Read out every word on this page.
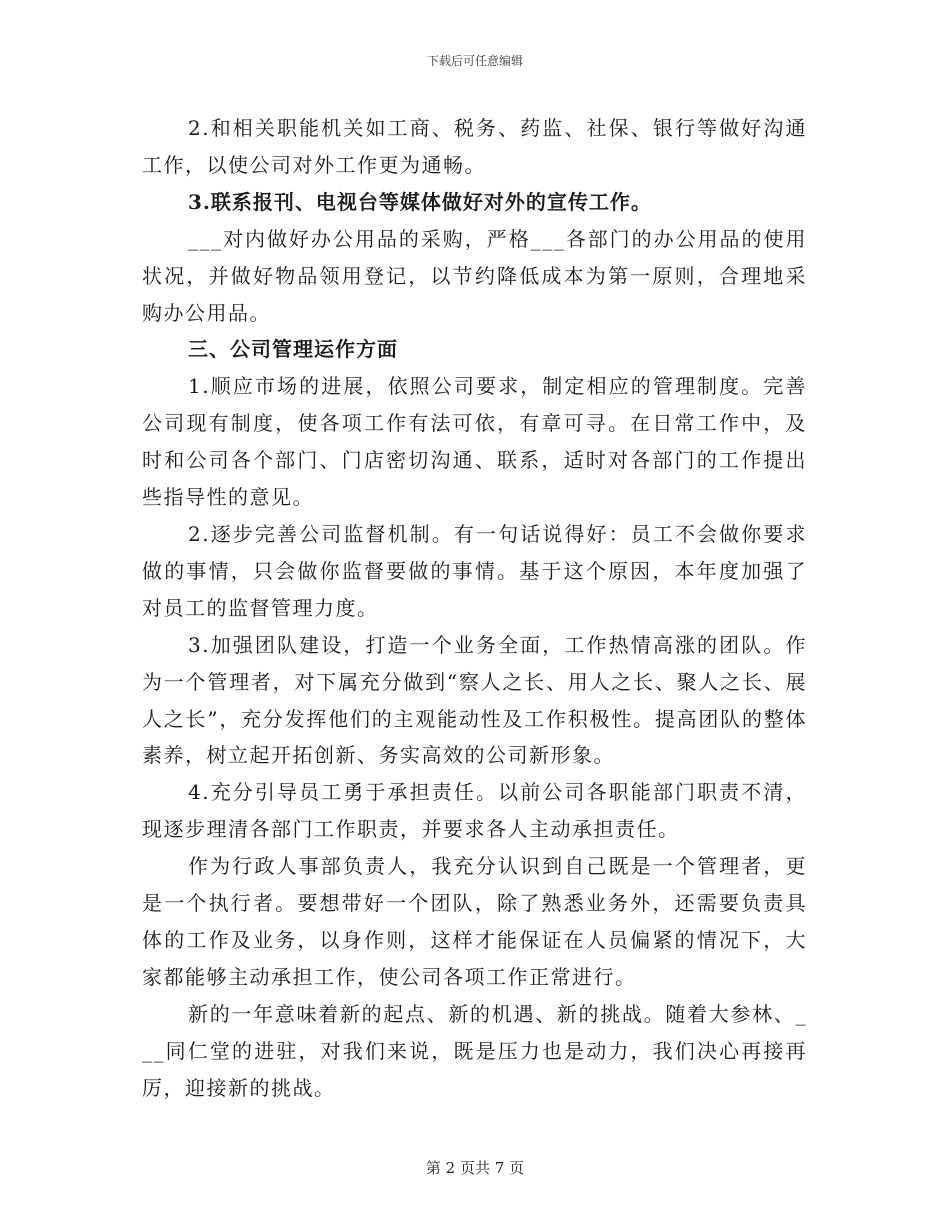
下载后可任意编辑

2.和相关职能机关如工商、税务、药监、社保、银行等做好沟通工作，以使公司对外工作更为通畅。

3.联系报刊、电视台等媒体做好对外的宣传工作。

___对内做好办公用品的采购，严格___各部门的办公用品的使用状况，并做好物品领用登记，以节约降低成本为第一原则，合理地采购办公用品。

三、公司管理运作方面

1.顺应市场的进展，依照公司要求，制定相应的管理制度。完善公司现有制度，使各项工作有法可依，有章可寻。在日常工作中，及时和公司各个部门、门店密切沟通、联系，适时对各部门的工作提出些指导性的意见。

2.逐步完善公司监督机制。有一句话说得好：员工不会做你要求做的事情，只会做你监督要做的事情。基于这个原因，本年度加强了对员工的监督管理力度。

3.加强团队建设，打造一个业务全面，工作热情高涨的团队。作为一个管理者，对下属充分做到“察人之长、用人之长、聚人之长、展人之长”，充分发挥他们的主观能动性及工作积极性。提高团队的整体素养，树立起开拓创新、务实高效的公司新形象。

4.充分引导员工勇于承担责任。以前公司各职能部门职责不清，现逐步理清各部门工作职责，并要求各人主动承担责任。

作为行政人事部负责人，我充分认识到自己既是一个管理者，更是一个执行者。要想带好一个团队，除了熟悉业务外，还需要负责具体的工作及业务，以身作则，这样才能保证在人员偏紧的情况下，大家都能够主动承担工作，使公司各项工作正常进行。

新的一年意味着新的起点、新的机遇、新的挑战。随着大参林、___同仁堂的进驻，对我们来说，既是压力也是动力，我们决心再接再厉，迎接新的挑战。

第 2 页共 7 页
